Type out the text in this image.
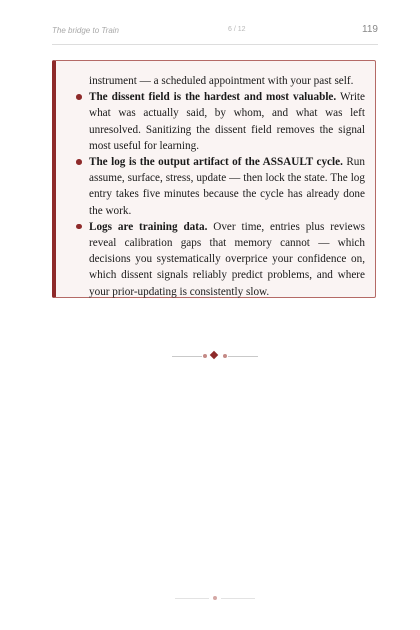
The bridge to Train	6 / 12	119

instrument — a scheduled appointment with your past self.

The dissent field is the hardest and most valuable. Write what was actually said, by whom, and what was left unresolved. Sanitizing the dissent field removes the signal most useful for learning.
The log is the output artifact of the ASSAULT cycle. Run assume, surface, stress, update — then lock the state. The log entry takes five minutes because the cycle has already done the work.
Logs are training data. Over time, entries plus reviews reveal calibration gaps that memory cannot — which decisions you systematically overprice your confidence on, which dissent signals reliably predict problems, and where your prior-updating is consistently slow.
